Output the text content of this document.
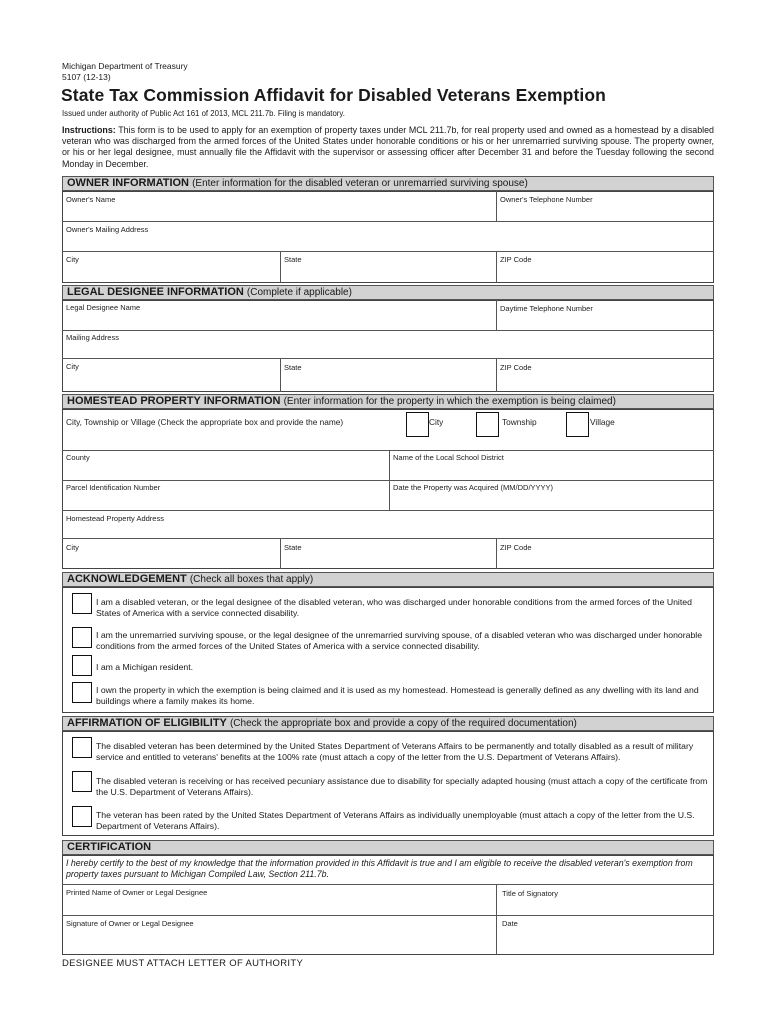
Michigan Department of Treasury
5107 (12-13)
State Tax Commission Affidavit for Disabled Veterans Exemption
Issued under authority of Public Act 161 of 2013, MCL 211.7b. Filing is mandatory.
Instructions: This form is to be used to apply for an exemption of property taxes under MCL 211.7b, for real property used and owned as a homestead by a disabled veteran who was discharged from the armed forces of the United States under honorable conditions or his or her unremarried surviving spouse. The property owner, or his or her legal designee, must annually file the Affidavit with the supervisor or assessing officer after December 31 and before the Tuesday following the second Monday in December.
OWNER INFORMATION (Enter information for the disabled veteran or unremarried surviving spouse)
Owner's Name	Owner's Telephone Number
Owner's Mailing Address
City	State	ZIP Code
LEGAL DESIGNEE INFORMATION (Complete if applicable)
Legal Designee Name	Daytime Telephone Number
Mailing Address
City	State	ZIP Code
HOMESTEAD PROPERTY INFORMATION (Enter information for the property in which the exemption is being claimed)
City, Township or Village (Check the appropriate box and provide the name)	City	Township	Village
County	Name of the Local School District
Parcel Identification Number	Date the Property was Acquired (MM/DD/YYYY)
Homestead Property Address
City	State	ZIP Code
ACKNOWLEDGEMENT (Check all boxes that apply)
I am a disabled veteran, or the legal designee of the disabled veteran, who was discharged under honorable conditions from the armed forces of the United States of America with a service connected disability.
I am the unremarried surviving spouse, or the legal designee of the unremarried surviving spouse, of a disabled veteran who was discharged under honorable conditions from the armed forces of the United States of America with a service connected disability.
I am a Michigan resident.
I own the property in which the exemption is being claimed and it is used as my homestead. Homestead is generally defined as any dwelling with its land and buildings where a family makes its home.
AFFIRMATION OF ELIGIBILITY (Check the appropriate box and provide a copy of the required documentation)
The disabled veteran has been determined by the United States Department of Veterans Affairs to be permanently and totally disabled as a result of military service and entitled to veterans' benefits at the 100% rate (must attach a copy of the letter from the U.S. Department of Veterans Affairs).
The disabled veteran is receiving or has received pecuniary assistance due to disability for specially adapted housing (must attach a copy of the certificate from the U.S. Department of Veterans Affairs).
The veteran has been rated by the United States Department of Veterans Affairs as individually unemployable (must attach a copy of the letter from the U.S. Department of Veterans Affairs).
CERTIFICATION
I hereby certify to the best of my knowledge that the information provided in this Affidavit is true and I am eligible to receive the disabled veteran's exemption from property taxes pursuant to Michigan Compiled Law, Section 211.7b.
Printed Name of Owner or Legal Designee	Title of Signatory
Signature of Owner or Legal Designee	Date
DESIGNEE MUST ATTACH LETTER OF AUTHORITY
